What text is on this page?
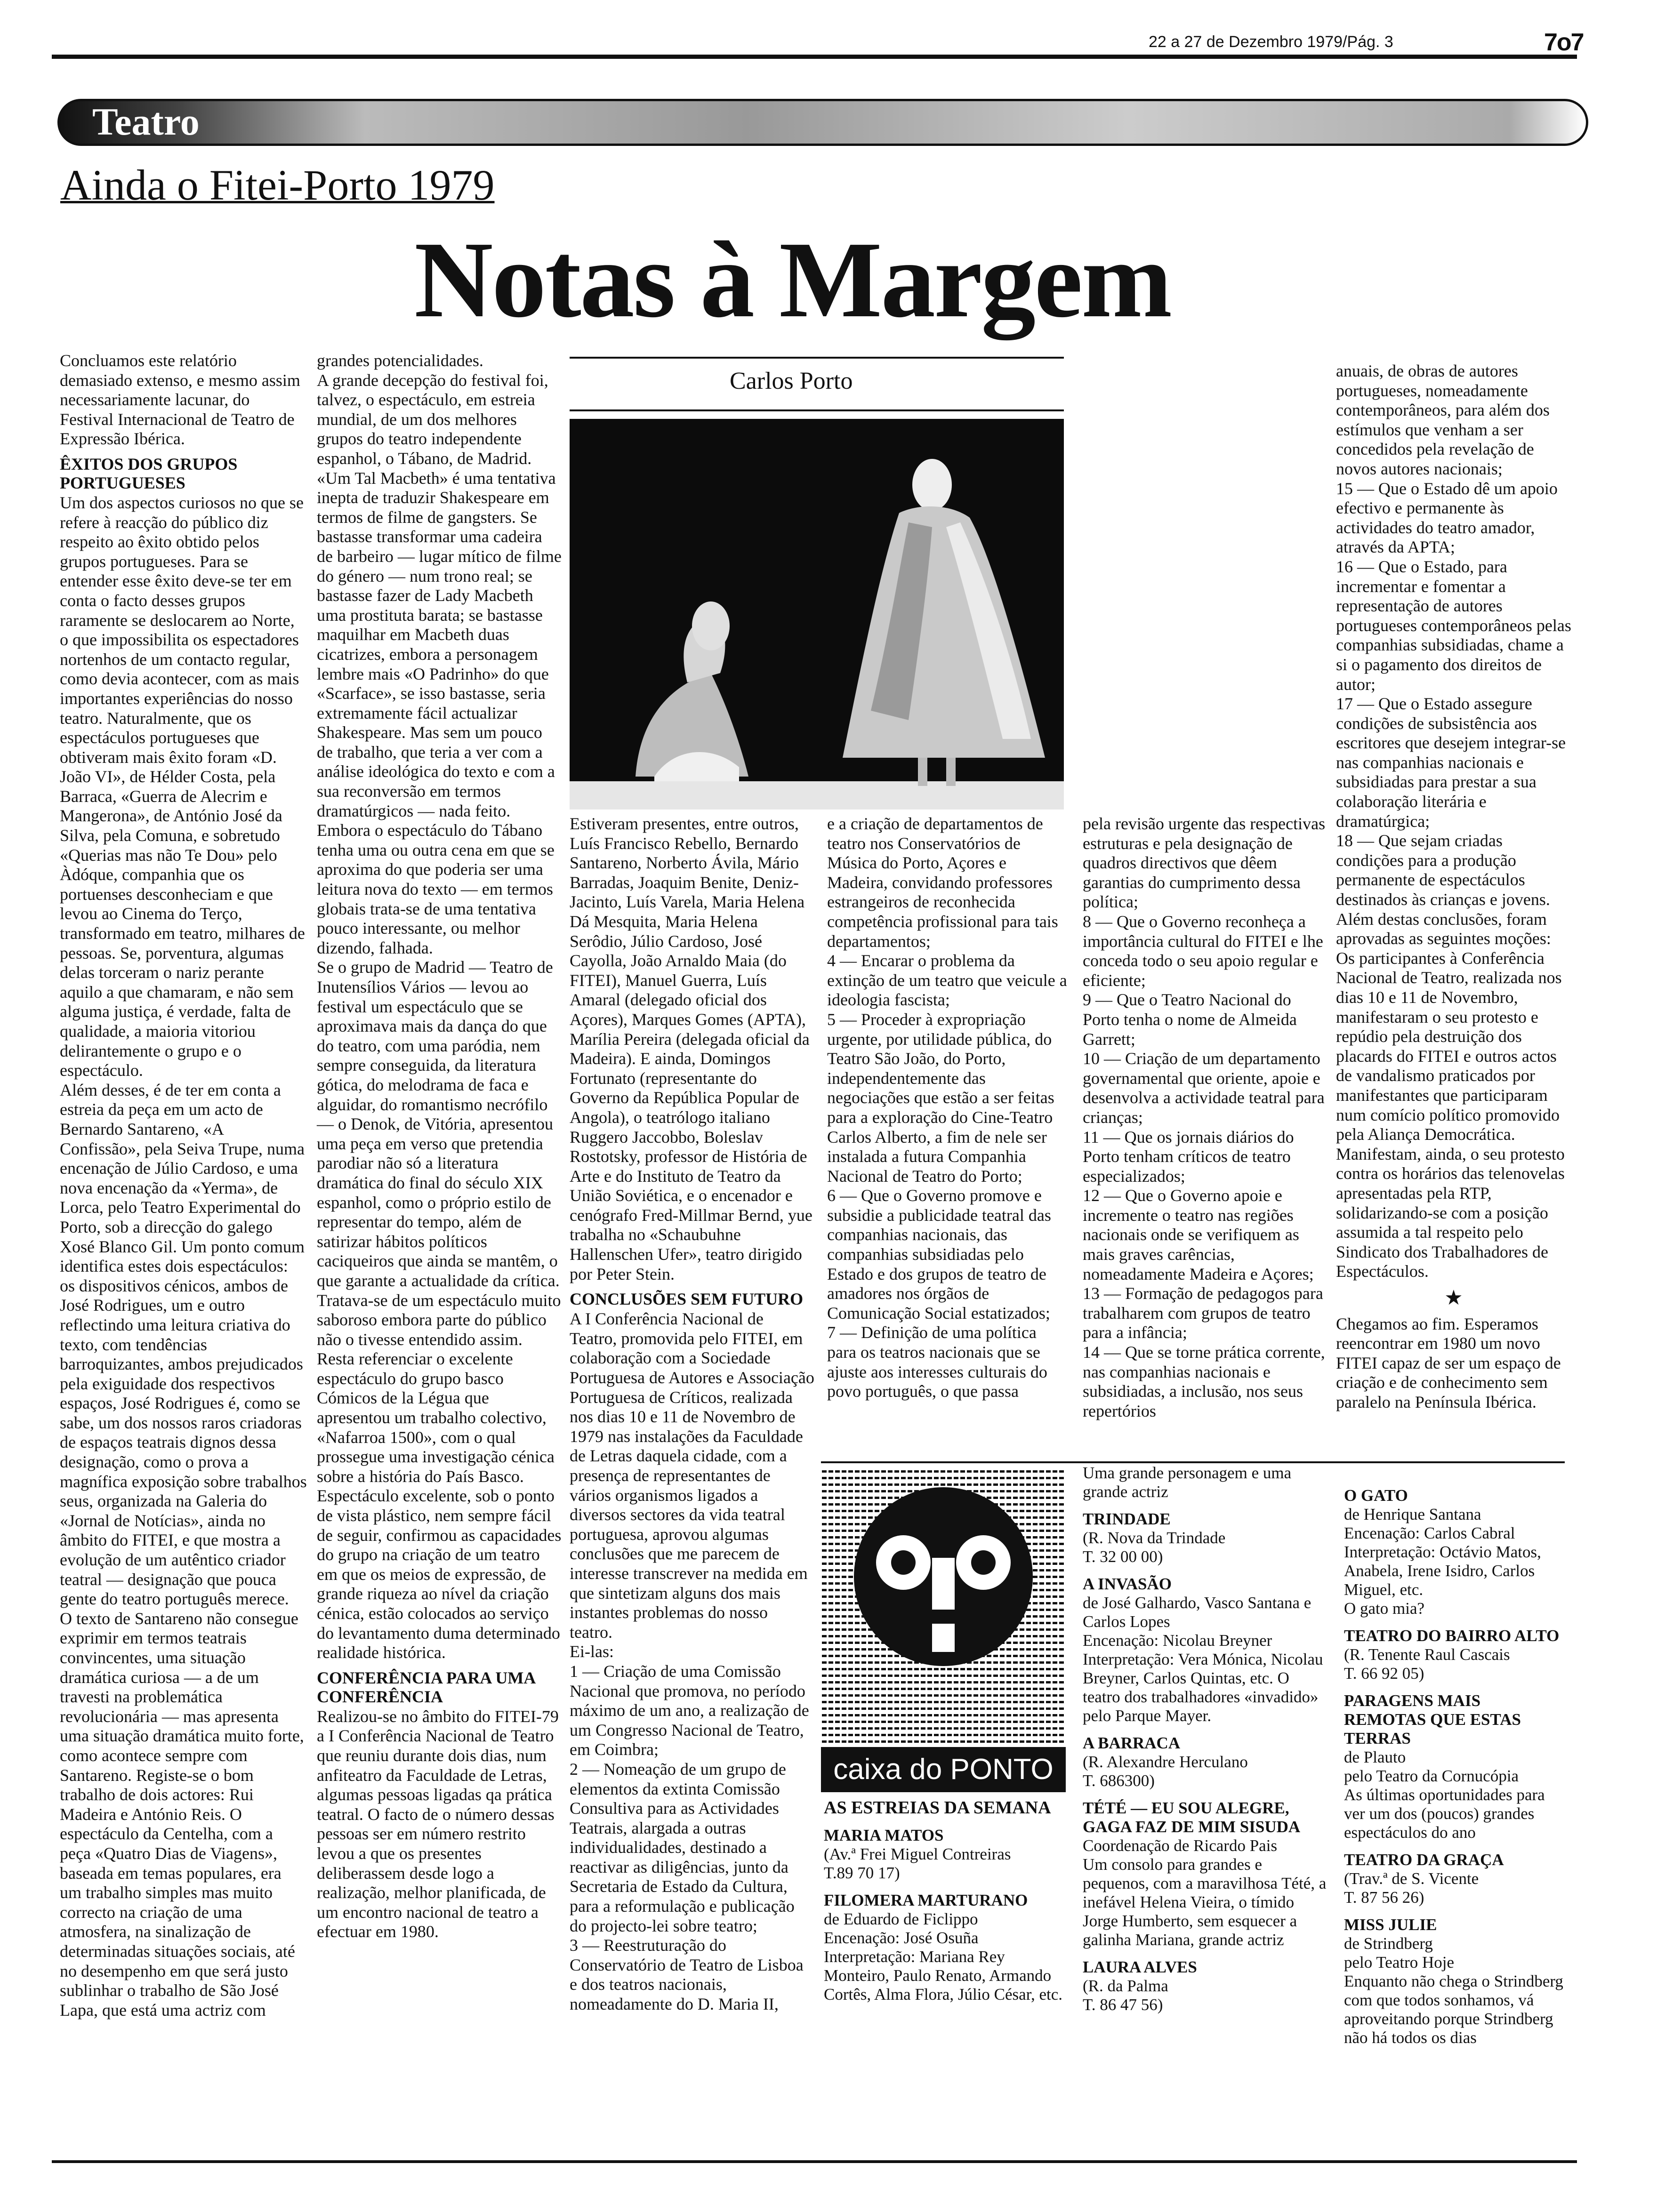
22 a 27 de Dezembro 1979/Pág. 3	7o7
Teatro
Ainda o Fitei-Porto 1979
Notas à Margem
Carlos Porto

Concluamos este relatório demasiado extenso, e mesmo assim necessariamente lacunar, do Festival Internacional de Teatro de Expressão Ibérica.

ÊXITOS DOS GRUPOS PORTUGUESES

Um dos aspectos curiosos no que se refere à reacção do público diz respeito ao êxito obtido pelos grupos portugueses. Para se entender esse êxito deve-se ter em conta o facto desses grupos raramente se deslocarem ao Norte, o que impossibilita os espectadores nortenhos de um contacto regular, como devia acontecer, com as mais importantes experiências do nosso teatro. Naturalmente, que os espectáculos portugueses que obtiveram mais êxito foram «D. João VI», de Hélder Costa, pela Barraca, «Guerra de Alecrim e Mangerona», de António José da Silva, pela Comuna, e sobretudo «Querias mas não Te Dou» pelo Àdóque, companhia que os portuenses desconheciam e que levou ao Cinema do Terço, transformado em teatro, milhares de pessoas. Se, porventura, algumas delas torceram o nariz perante aquilo a que chamaram, e não sem alguma justiça, é verdade, falta de qualidade, a maioria vitoriou delirantemente o grupo e o espectáculo.

Além desses, é de ter em conta a estreia da peça em um acto de Bernardo Santareno, «A Confissão», pela Seiva Trupe, numa encenação de Júlio Cardoso, e uma nova encenação da «Yerma», de Lorca, pelo Teatro Experimental do Porto, sob a direcção do galego Xosé Blanco Gil. Um ponto comum identifica estes dois espectáculos: os dispositivos cénicos, ambos de José Rodrigues, um e outro reflectindo uma leitura criativa do texto, com tendências barroquizantes, ambos prejudicados pela exiguidade dos respectivos espaços, José Rodrigues é, como se sabe, um dos nossos raros criadoras de espaços teatrais dignos dessa designação, como o prova a magnífica exposição sobre trabalhos seus, organizada na Galeria do «Jornal de Notícias», ainda no âmbito do FITEI, e que mostra a evolução de um autêntico criador teatral — designação que pouca gente do teatro português merece.

O texto de Santareno não consegue exprimir em termos teatrais convincentes, uma situação dramática curiosa — a de um travesti na problemática revolucionária — mas apresenta uma situação dramática muito forte, como acontece sempre com Santareno. Registe-se o bom trabalho de dois actores: Rui Madeira e António Reis. O espectáculo da Centelha, com a peça «Quatro Dias de Viagens», baseada em temas populares, era um trabalho simples mas muito correcto na criação de uma atmosfera, na sinalização de determinadas situações sociais, até no desempenho em que será justo sublinhar o trabalho de São José Lapa, que está uma actriz com

grandes potencialidades.

A grande decepção do festival foi, talvez, o espectáculo, em estreia mundial, de um dos melhores grupos do teatro independente espanhol, o Tábano, de Madrid. «Um Tal Macbeth» é uma tentativa inepta de traduzir Shakespeare em termos de filme de gangsters. Se bastasse transformar uma cadeira de barbeiro — lugar mítico de filme do género — num trono real; se bastasse fazer de Lady Macbeth uma prostituta barata; se bastasse maquilhar em Macbeth duas cicatrizes, embora a personagem lembre mais «O Padrinho» do que «Scarface», se isso bastasse, seria extremamente fácil actualizar Shakespeare. Mas sem um pouco de trabalho, que teria a ver com a análise ideológica do texto e com a sua reconversão em termos dramatúrgicos — nada feito. Embora o espectáculo do Tábano tenha uma ou outra cena em que se aproxima do que poderia ser uma leitura nova do texto — em termos globais trata-se de uma tentativa pouco interessante, ou melhor dizendo, falhada.

Se o grupo de Madrid — Teatro de Inutensílios Vários — levou ao festival um espectáculo que se aproximava mais da dança do que do teatro, com uma paródia, nem sempre conseguida, da literatura gótica, do melodrama de faca e alguidar, do romantismo necrófilo — o Denok, de Vitória, apresentou uma peça em verso que pretendia parodiar não só a literatura dramática do final do século XIX espanhol, como o próprio estilo de representar do tempo, além de satirizar hábitos políticos caciqueiros que ainda se mantêm, o que garante a actualidade da crítica.

Tratava-se de um espectáculo muito saboroso embora parte do público não o tivesse entendido assim.

Resta referenciar o excelente espectáculo do grupo basco Cómicos de la Légua que apresentou um trabalho colectivo, «Nafarroa 1500», com o qual prossegue uma investigação cénica sobre a história do País Basco. Espectáculo excelente, sob o ponto de vista plástico, nem sempre fácil de seguir, confirmou as capacidades do grupo na criação de um teatro em que os meios de expressão, de grande riqueza ao nível da criação cénica, estão colocados ao serviço do levantamento duma determinado realidade histórica.

CONFERÊNCIA PARA UMA CONFERÊNCIA

Realizou-se no âmbito do FITEI-79 a I Conferência Nacional de Teatro que reuniu durante dois dias, num anfiteatro da Faculdade de Letras, algumas pessoas ligadas qa prática teatral. O facto de o número dessas pessoas ser em número restrito levou a que os presentes deliberassem desde logo a realização, melhor planificada, de um encontro nacional de teatro a efectuar em 1980.

Estiveram presentes, entre outros, Luís Francisco Rebello, Bernardo Santareno, Norberto Ávila, Mário Barradas, Joaquim Benite, Deniz-Jacinto, Luís Varela, Maria Helena Dá Mesquita, Maria Helena Serôdio, Júlio Cardoso, José Cayolla, João Arnaldo Maia (do FITEI), Manuel Guerra, Luís Amaral (delegado oficial dos Açores), Marques Gomes (APTA), Marília Pereira (delegada oficial da Madeira). E ainda, Domingos Fortunato (representante do Governo da República Popular de Angola), o teatrólogo italiano Ruggero Jaccobbo, Boleslav Rostotsky, professor de História de Arte e do Instituto de Teatro da União Soviética, e o encenador e cenógrafo Fred-Millmar Bernd, yue trabalha no «Schaubuhne Hallenschen Ufer», teatro dirigido por Peter Stein.

CONCLUSÕES SEM FUTURO

A I Conferência Nacional de Teatro, promovida pelo FITEI, em colaboração com a Sociedade Portuguesa de Autores e Associação Portuguesa de Críticos, realizada nos dias 10 e 11 de Novembro de 1979 nas instalações da Faculdade de Letras daquela cidade, com a presença de representantes de vários organismos ligados a diversos sectores da vida teatral portuguesa, aprovou algumas conclusões que me parecem de interesse transcrever na medida em que sintetizam alguns dos mais instantes problemas do nosso teatro.

Ei-las:

1 — Criação de uma Comissão Nacional que promova, no período máximo de um ano, a realização de um Congresso Nacional de Teatro, em Coimbra;

2 — Nomeação de um grupo de elementos da extinta Comissão Consultiva para as Actividades Teatrais, alargada a outras individualidades, destinado a reactivar as diligências, junto da Secretaria de Estado da Cultura, para a reformulação e publicação do projecto-lei sobre teatro;

3 — Reestruturação do Conservatório de Teatro de Lisboa e dos teatros nacionais, nomeadamente do D. Maria II,

e a criação de departamentos de teatro nos Conservatórios de Música do Porto, Açores e Madeira, convidando professores estrangeiros de reconhecida competência profissional para tais departamentos;

4 — Encarar o problema da extinção de um teatro que veicule a ideologia fascista;

5 — Proceder à expropriação urgente, por utilidade pública, do Teatro São João, do Porto, independentemente das negociações que estão a ser feitas para a exploração do Cine-Teatro Carlos Alberto, a fim de nele ser instalada a futura Companhia Nacional de Teatro do Porto;

6 — Que o Governo promove e subsidie a publicidade teatral das companhias nacionais, das companhias subsidiadas pelo Estado e dos grupos de teatro de amadores nos órgãos de Comunicação Social estatizados;

7 — Definição de uma política para os teatros nacionais que se ajuste aos interesses culturais do povo português, o que passa

pela revisão urgente das respectivas estruturas e pela designação de quadros directivos que dêem garantias do cumprimento dessa política;

8 — Que o Governo reconheça a importância cultural do FITEI e lhe conceda todo o seu apoio regular e eficiente;

9 — Que o Teatro Nacional do Porto tenha o nome de Almeida Garrett;

10 — Criação de um departamento governamental que oriente, apoie e desenvolva a actividade teatral para crianças;

11 — Que os jornais diários do Porto tenham críticos de teatro especializados;

12 — Que o Governo apoie e incremente o teatro nas regiões nacionais onde se verifiquem as mais graves carências, nomeadamente Madeira e Açores;

13 — Formação de pedagogos para trabalharem com grupos de teatro para a infância;

14 — Que se torne prática corrente, nas companhias nacionais e subsidiadas, a inclusão, nos seus repertórios

anuais, de obras de autores portugueses, nomeadamente contemporâneos, para além dos estímulos que venham a ser concedidos pela revelação de novos autores nacionais;

15 — Que o Estado dê um apoio efectivo e permanente às actividades do teatro amador, através da APTA;

16 — Que o Estado, para incrementar e fomentar a representação de autores portugueses contemporâneos pelas companhias subsidiadas, chame a si o pagamento dos direitos de autor;

17 — Que o Estado assegure condições de subsistência aos escritores que desejem integrar-se nas companhias nacionais e subsidiadas para prestar a sua colaboração literária e dramatúrgica;

18 — Que sejam criadas condições para a produção permanente de espectáculos destinados às crianças e jovens.

Além destas conclusões, foram aprovadas as seguintes moções: Os participantes à Conferência Nacional de Teatro, realizada nos dias 10 e 11 de Novembro, manifestaram o seu protesto e repúdio pela destruição dos placards do FITEI e outros actos de vandalismo praticados por manifestantes que participaram num comício político promovido pela Aliança Democrática.

Manifestam, ainda, o seu protesto contra os horários das telenovelas apresentadas pela RTP, solidarizando-se com a posição assumida a tal respeito pelo Sindicato dos Trabalhadores de Espectáculos.

★

Chegamos ao fim. Esperamos reencontrar em 1980 um novo FITEI capaz de ser um espaço de criação e de conhecimento sem paralelo na Península Ibérica.

caixa do PONTO
AS ESTREIAS DA SEMANA

MARIA MATOS

(Av.ª Frei Miguel Contreiras

T.89 70 17)

FILOMERA MARTURANO

de Eduardo de Ficlippo

Encenação: José Osuña

Interpretação: Mariana Rey Monteiro, Paulo Renato, Armando Cortês, Alma Flora, Júlio César, etc.

Uma grande personagem e uma grande actriz

TRINDADE

(R. Nova da Trindade

T. 32 00 00)

A INVASÃO

de José Galhardo, Vasco Santana e Carlos Lopes

Encenação: Nicolau Breyner

Interpretação: Vera Mónica, Nicolau Breyner, Carlos Quintas, etc. O teatro dos trabalhadores «invadido» pelo Parque Mayer.

A BARRACA

(R. Alexandre Herculano

T. 686300)

TÉTÉ — EU SOU ALEGRE, GAGA FAZ DE MIM SISUDA

Coordenação de Ricardo Pais

Um consolo para grandes e pequenos, com a maravilhosa Tété, a inefável Helena Vieira, o tímido Jorge Humberto, sem esquecer a galinha Mariana, grande actriz

LAURA ALVES

(R. da Palma

T. 86 47 56)

O GATO

de Henrique Santana

Encenação: Carlos Cabral

Interpretação: Octávio Matos, Anabela, Irene Isidro, Carlos Miguel, etc.

O gato mia?

TEATRO DO BAIRRO ALTO

(R. Tenente Raul Cascais

T. 66 92 05)

PARAGENS MAIS REMOTAS QUE ESTAS TERRAS

de Plauto

pelo Teatro da Cornucópia

As últimas oportunidades para ver um dos (poucos) grandes espectáculos do ano

TEATRO DA GRAÇA

(Trav.ª de S. Vicente

T. 87 56 26)

MISS JULIE

de Strindberg

pelo Teatro Hoje

Enquanto não chega o Strindberg com que todos sonhamos, vá aproveitando porque Strindberg não há todos os dias
